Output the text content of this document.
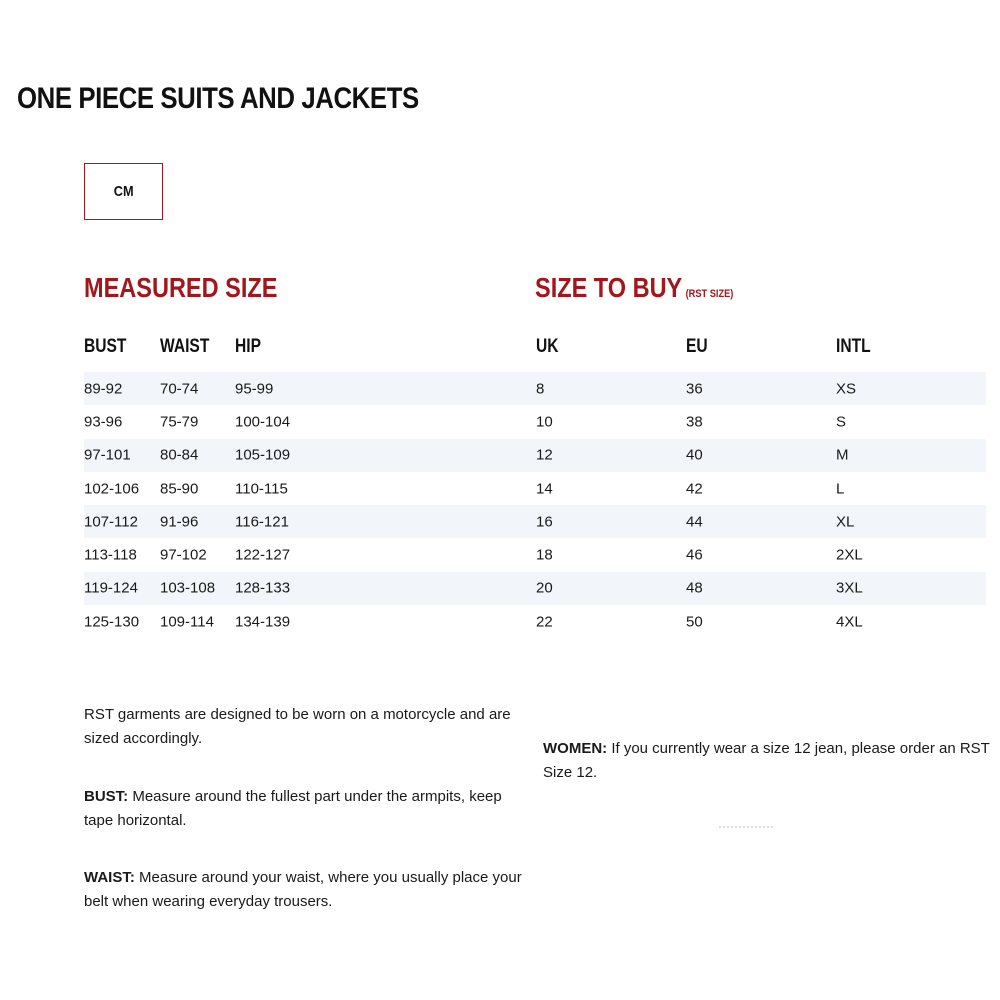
ONE PIECE SUITS AND JACKETS
CM
MEASURED SIZE	SIZE TO BUY (RST SIZE)
BUST WAIST HIP	UK	EU	INTL
89-92	70-74 95-99	8	36	XS
93-96	75-79 100-104	10	38	S
97-101 80-84 105-109	12	40	M
102-106 85-90 110-115	14	42	L
107-112 91-96 116-121	16	44	XL
113-118 97-102 122-127	18	46	2XL
119-124 103-108 128-133	20	48	3XL
125-130 109-114 134-139	22	50	4XL

RST garments are designed to be worn on a motorcycle and are sized accordingly.

BUST: Measure around the fullest part under the armpits, keep tape horizontal.

WAIST: Measure around your waist, where you usually place your belt when wearing everyday trousers.

WOMEN: If you currently wear a size 12 jean, please order an RST Size 12.
